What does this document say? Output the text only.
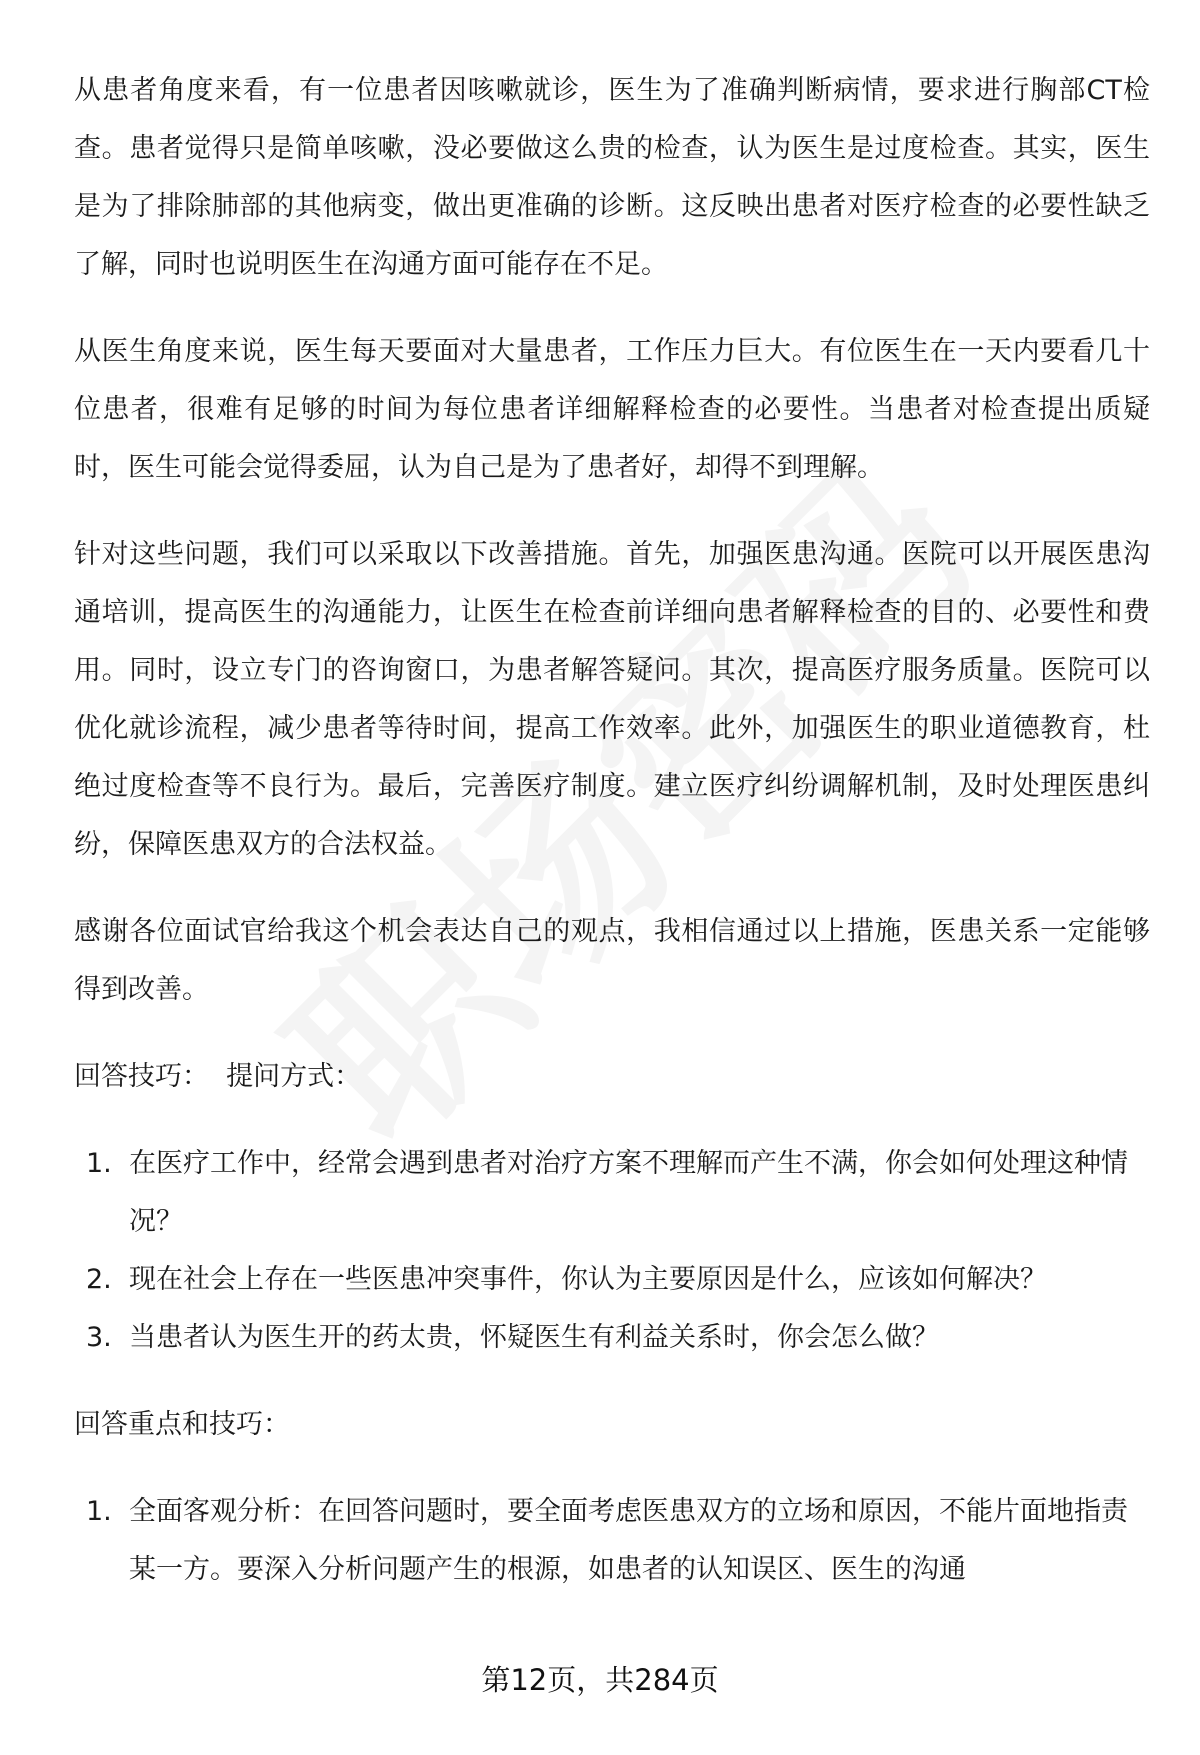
从患者角度来看，有一位患者因咳嗽就诊，医生为了准确判断病情，要求进行胸部CT检查。患者觉得只是简单咳嗽，没必要做这么贵的检查，认为医生是过度检查。其实，医生是为了排除肺部的其他病变，做出更准确的诊断。这反映出患者对医疗检查的必要性缺乏了解，同时也说明医生在沟通方面可能存在不足。

从医生角度来说，医生每天要面对大量患者，工作压力巨大。有位医生在一天内要看几十位患者，很难有足够的时间为每位患者详细解释检查的必要性。当患者对检查提出质疑时，医生可能会觉得委屈，认为自己是为了患者好，却得不到理解。

针对这些问题，我们可以采取以下改善措施。首先，加强医患沟通。医院可以开展医患沟通培训，提高医生的沟通能力，让医生在检查前详细向患者解释检查的目的、必要性和费用。同时，设立专门的咨询窗口，为患者解答疑问。其次，提高医疗服务质量。医院可以优化就诊流程，减少患者等待时间，提高工作效率。此外，加强医生的职业道德教育，杜绝过度检查等不良行为。最后，完善医疗制度。建立医疗纠纷调解机制，及时处理医患纠纷，保障医患双方的合法权益。

感谢各位面试官给我这个机会表达自己的观点，我相信通过以上措施，医患关系一定能够得到改善。

回答技巧：  提问方式：
1. 在医疗工作中，经常会遇到患者对治疗方案不理解而产生不满，你会如何处理这种情况？
2. 现在社会上存在一些医患冲突事件，你认为主要原因是什么，应该如何解决？
3. 当患者认为医生开的药太贵，怀疑医生有利益关系时，你会怎么做？
回答重点和技巧：
1. 全面客观分析：在回答问题时，要全面考虑医患双方的立场和原因，不能片面地指责某一方。要深入分析问题产生的根源，如患者的认知误区、医生的沟通
第12页，共284页
